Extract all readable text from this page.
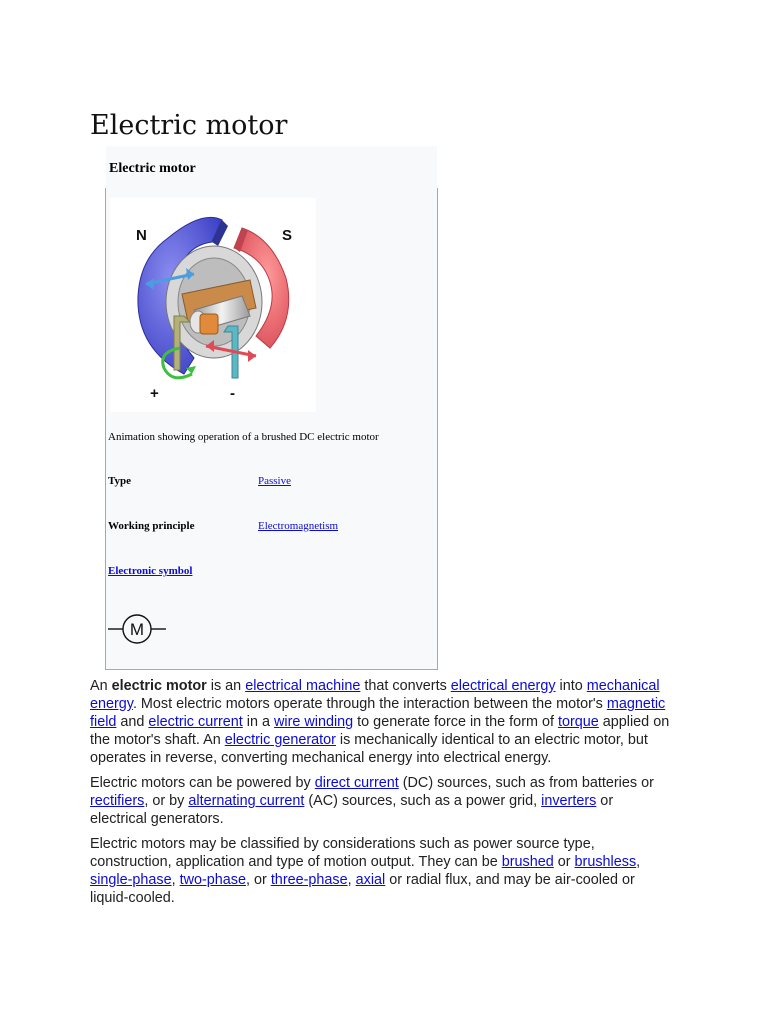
Electric motor
Electric motor
N	S
+	-
Animation showing operation of a brushed DC electric motor
Type	Passive
Working principle	Electromagnetism
Electronic symbol
M

An electric motor is an electrical machine that converts electrical energy into mechanical energy. Most electric motors operate through the interaction between the motor's magnetic field and electric current in a wire winding to generate force in the form of torque applied on the motor's shaft. An electric generator is mechanically identical to an electric motor, but operates in reverse, converting mechanical energy into electrical energy.

Electric motors can be powered by direct current (DC) sources, such as from batteries or rectifiers, or by alternating current (AC) sources, such as a power grid, inverters or electrical generators.

Electric motors may be classified by considerations such as power source type, construction, application and type of motion output. They can be brushed or brushless, single-phase, two-phase, or three-phase, axial or radial flux, and may be air-cooled or liquid-cooled.
